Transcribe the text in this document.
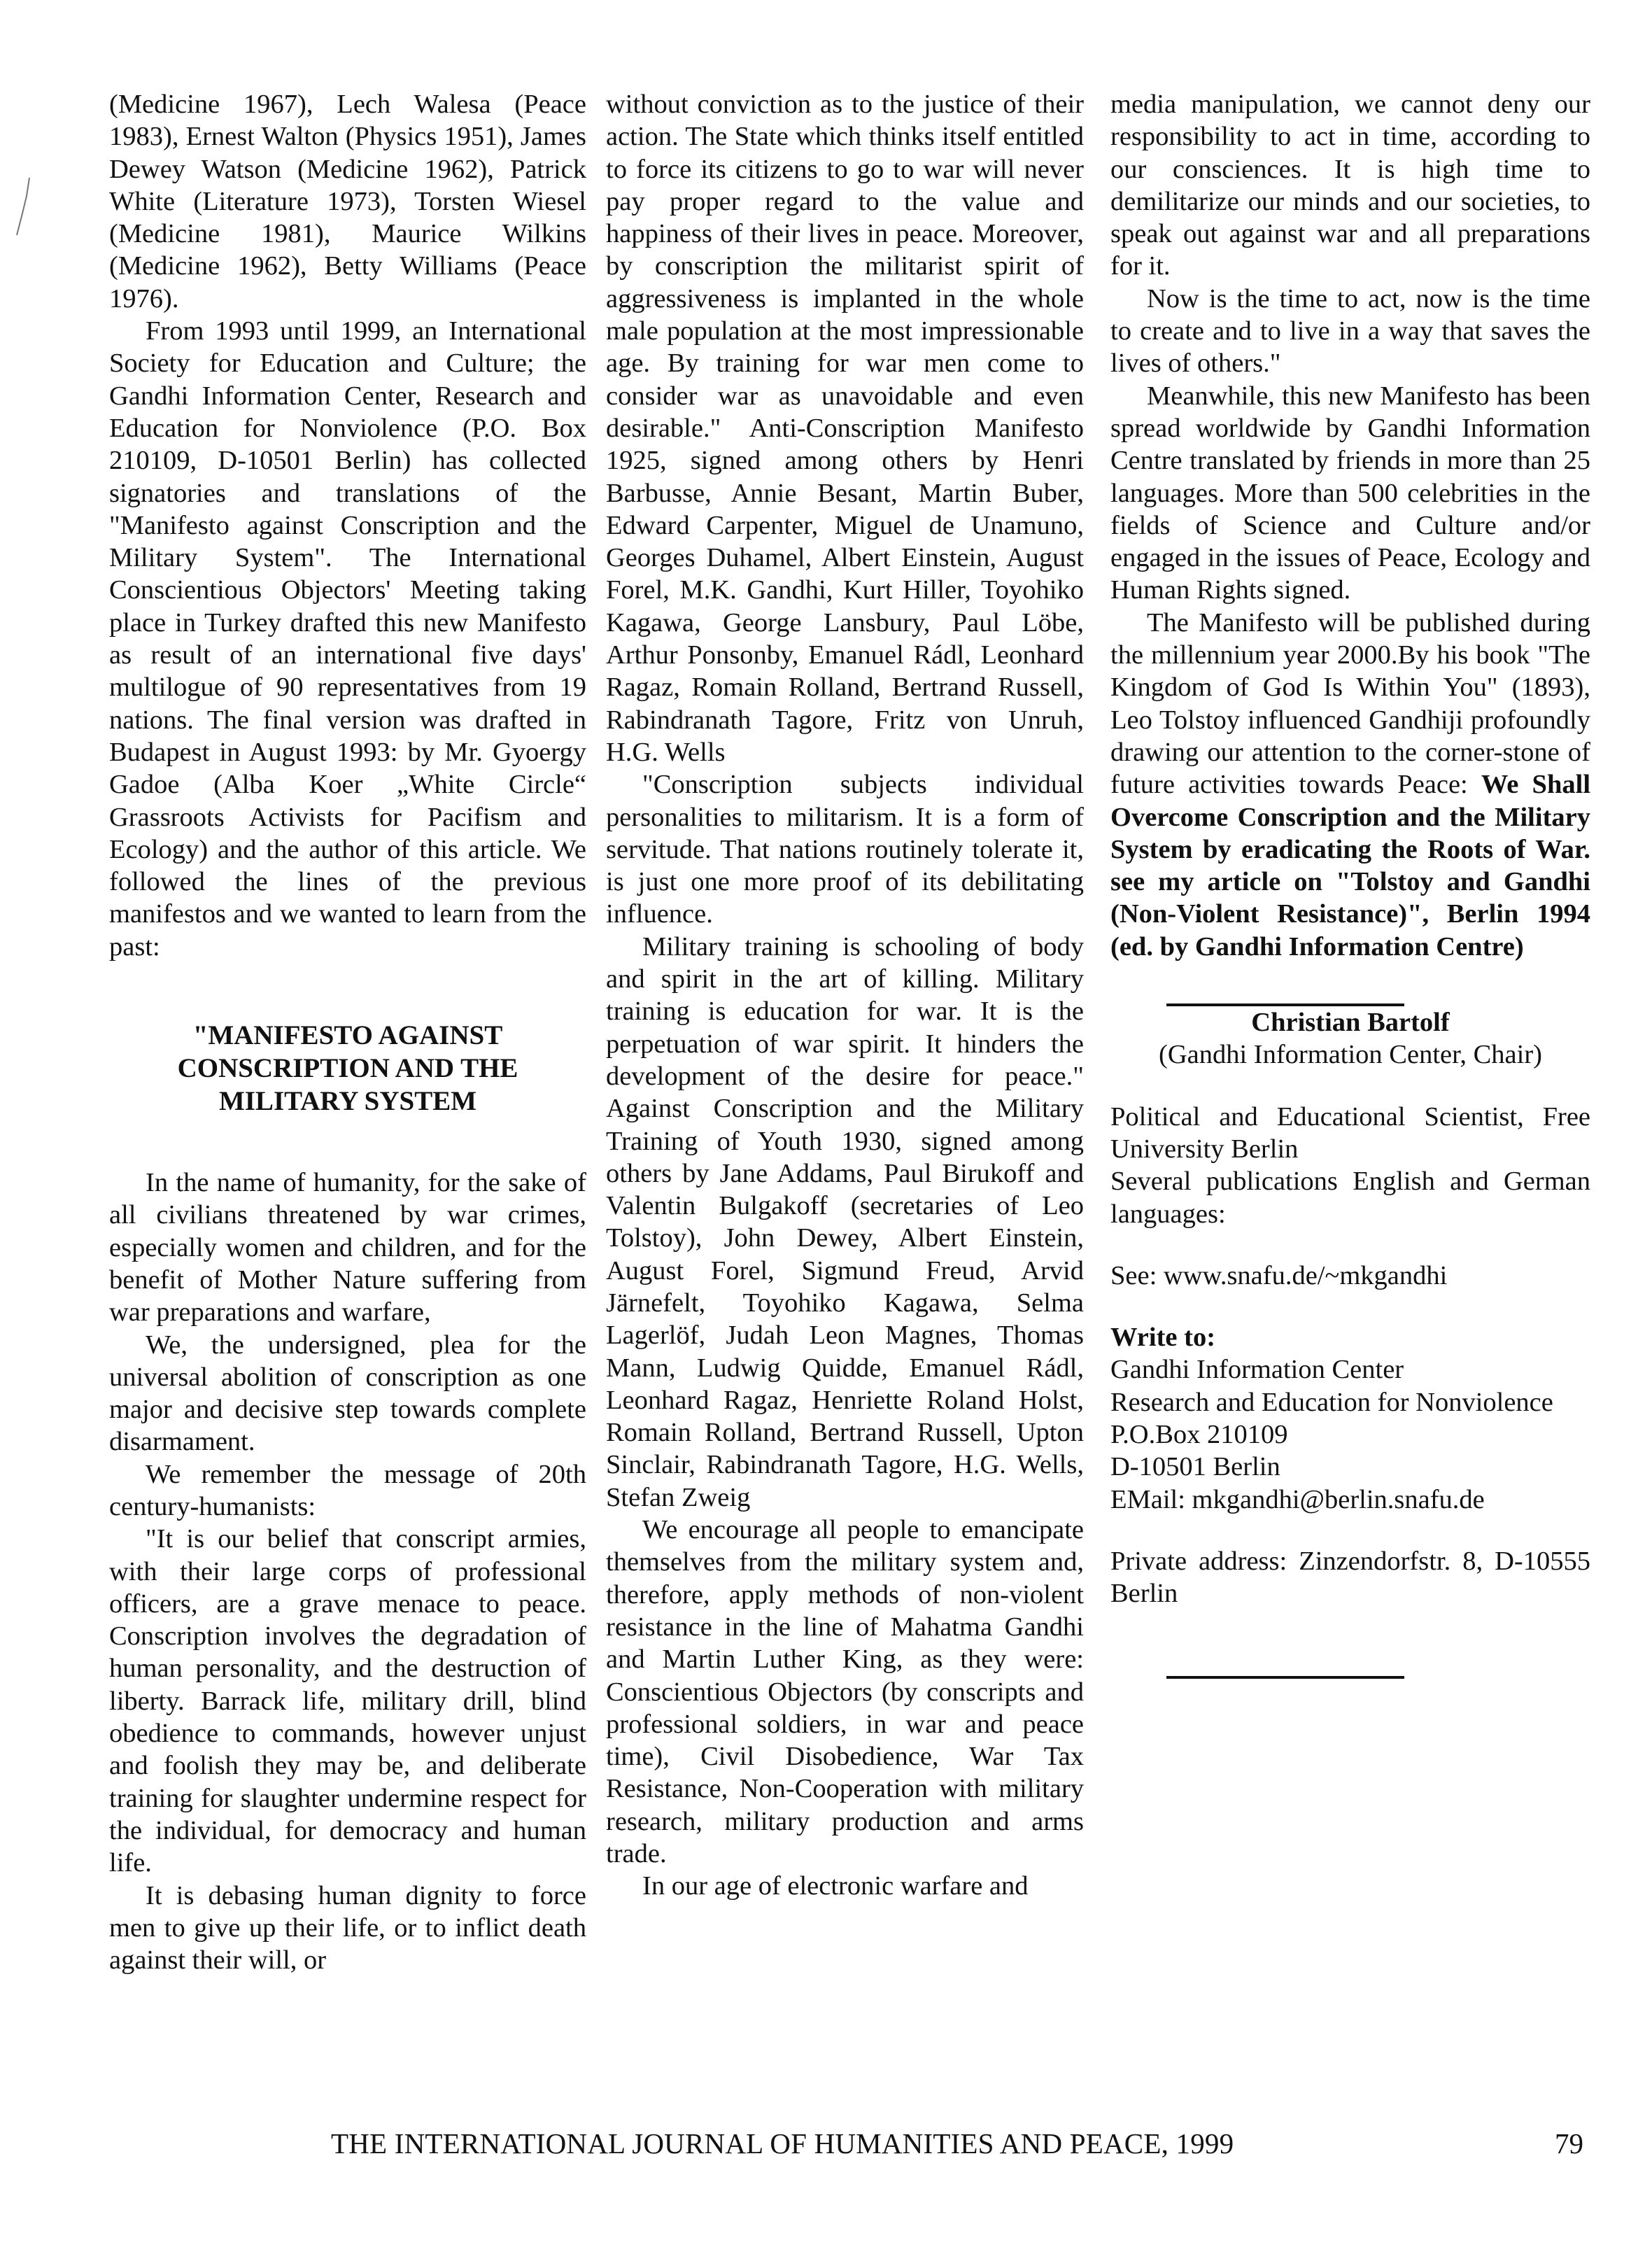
(Medicine 1967), Lech Walesa (Peace 1983), Ernest Walton (Physics 1951), James Dewey Watson (Medicine 1962), Patrick White (Literature 1973), Torsten Wiesel (Medicine 1981), Maurice Wilkins (Medicine 1962), Betty Williams (Peace 1976).

From 1993 until 1999, an International Society for Education and Culture; the Gandhi Information Center, Research and Education for Nonviolence (P.O. Box 210109, D-10501 Berlin) has collected signatories and translations of the "Manifesto against Conscription and the Military System". The International Conscientious Objectors' Meeting taking place in Turkey drafted this new Manifesto as result of an international five days' multilogue of 90 representatives from 19 nations. The final version was drafted in Budapest in August 1993: by Mr. Gyoergy Gadoe (Alba Koer „White Circle“ Grassroots Activists for Pacifism and Ecology) and the author of this article. We followed the lines of the previous manifestos and we wanted to learn from the past:

"MANIFESTO AGAINST CONSCRIPTION AND THE MILITARY SYSTEM

In the name of humanity, for the sake of all civilians threatened by war crimes, especially women and children, and for the benefit of Mother Nature suffering from war preparations and warfare,

We, the undersigned, plea for the universal abolition of conscription as one major and decisive step towards complete disarmament.

We remember the message of 20th century-humanists:

"It is our belief that conscript armies, with their large corps of professional officers, are a grave menace to peace. Conscription involves the degradation of human personality, and the destruction of liberty. Barrack life, military drill, blind obedience to commands, however unjust and foolish they may be, and deliberate training for slaughter undermine respect for the individual, for democracy and human life.

It is debasing human dignity to force men to give up their life, or to inflict death against their will, or

without conviction as to the justice of their action. The State which thinks itself entitled to force its citizens to go to war will never pay proper regard to the value and happiness of their lives in peace. Moreover, by conscription the militarist spirit of aggressiveness is implanted in the whole male population at the most impressionable age. By training for war men come to consider war as unavoidable and even desirable." Anti-Conscription Manifesto 1925, signed among others by Henri Barbusse, Annie Besant, Martin Buber, Edward Carpenter, Miguel de Unamuno, Georges Duhamel, Albert Einstein, August Forel, M.K. Gandhi, Kurt Hiller, Toyohiko Kagawa, George Lansbury, Paul Löbe, Arthur Ponsonby, Emanuel Rádl, Leonhard Ragaz, Romain Rolland, Bertrand Russell, Rabindranath Tagore, Fritz von Unruh, H.G. Wells

"Conscription subjects individual personalities to militarism. It is a form of servitude. That nations routinely tolerate it, is just one more proof of its debilitating influence.

Military training is schooling of body and spirit in the art of killing. Military training is education for war. It is the perpetuation of war spirit. It hinders the development of the desire for peace." Against Conscription and the Military Training of Youth 1930, signed among others by Jane Addams, Paul Birukoff and Valentin Bulgakoff (secretaries of Leo Tolstoy), John Dewey, Albert Einstein, August Forel, Sigmund Freud, Arvid Järnefelt, Toyohiko Kagawa, Selma Lagerlöf, Judah Leon Magnes, Thomas Mann, Ludwig Quidde, Emanuel Rádl, Leonhard Ragaz, Henriette Roland Holst, Romain Rolland, Bertrand Russell, Upton Sinclair, Rabindranath Tagore, H.G. Wells, Stefan Zweig

We encourage all people to emancipate themselves from the military system and, therefore, apply methods of non-violent resistance in the line of Mahatma Gandhi and Martin Luther King, as they were: Conscientious Objectors (by conscripts and professional soldiers, in war and peace time), Civil Disobedience, War Tax Resistance, Non-Cooperation with military research, military production and arms trade.

In our age of electronic warfare and

media manipulation, we cannot deny our responsibility to act in time, according to our consciences. It is high time to demilitarize our minds and our societies, to speak out against war and all preparations for it.

Now is the time to act, now is the time to create and to live in a way that saves the lives of others."

Meanwhile, this new Manifesto has been spread worldwide by Gandhi Information Centre translated by friends in more than 25 languages. More than 500 celebrities in the fields of Science and Culture and/or engaged in the issues of Peace, Ecology and Human Rights signed.

The Manifesto will be published during the millennium year 2000.By his book "The Kingdom of God Is Within You" (1893), Leo Tolstoy influenced Gandhiji profoundly drawing our attention to the corner-stone of future activities towards Peace: We Shall Overcome Conscription and the Military System by eradicating the Roots of War. see my article on "Tolstoy and Gandhi (Non-Violent Resistance)", Berlin 1994 (ed. by Gandhi Information Centre)

Christian Bartolf

(Gandhi Information Center, Chair)

Political and Educational Scientist, Free University Berlin

Several publications English and German languages:

See: www.snafu.de/~mkgandhi

Write to:

Gandhi Information Center

Research and Education for Nonviolence

P.O.Box 210109

D-10501 Berlin

EMail: mkgandhi@berlin.snafu.de

Private address: Zinzendorfstr. 8, D-10555 Berlin

THE INTERNATIONAL JOURNAL OF HUMANITIES AND PEACE, 1999	79
